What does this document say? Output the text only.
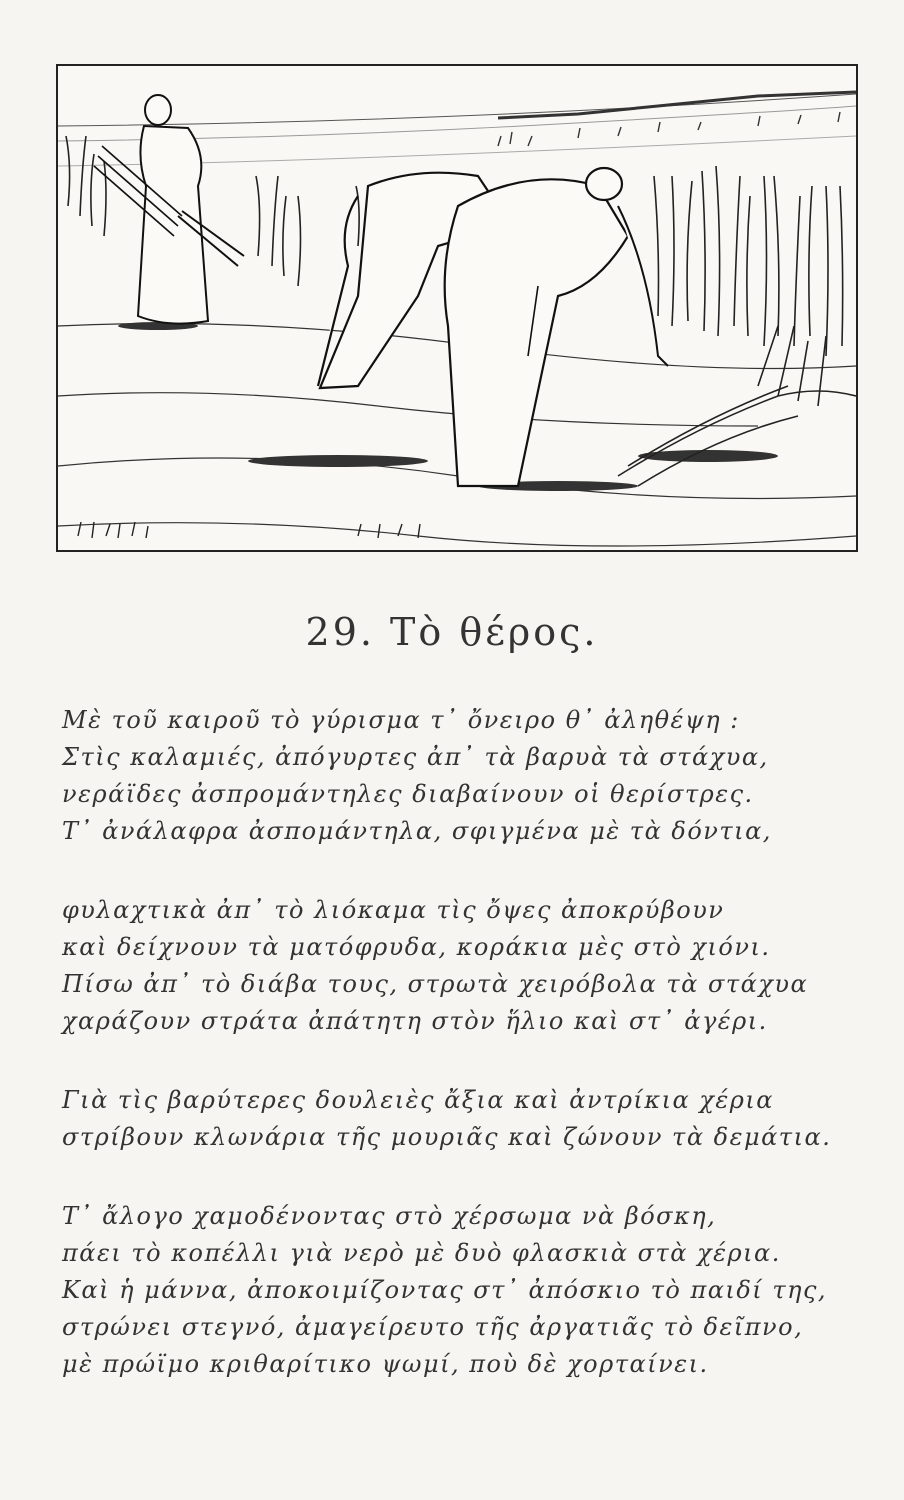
29. Τὸ θέρος.
Μὲ τοῦ καιροῦ τὸ γύρισμα τ᾽ ὄνειρο θ᾽ ἀληθέψη :
Στὶς καλαμιές, ἀπόγυρτες ἀπ᾽ τὰ βαρυὰ τὰ στάχυα,
νεράϊδες ἀσπρομάντηλες διαβαίνουν οἱ θερίστρες.
Τ᾽ ἀνάλαφρα ἀσπομάντηλα, σφιγμένα μὲ τὰ δόντια,
φυλαχτικὰ ἀπ᾽ τὸ λιόκαμα τὶς ὄψες ἀποκρύβουν
καὶ δείχνουν τὰ ματόφρυδα, κοράκια μὲς στὸ χιόνι.
Πίσω ἀπ᾽ τὸ διάβα τους, στρωτὰ χειρόβολα τὰ στάχυα
χαράζουν στράτα ἀπάτητη στὸν ἥλιο καὶ στ᾽ ἀγέρι.
Γιὰ τὶς βαρύτερες δουλειὲς ἄξια καὶ ἀντρίκια χέρια
στρίβουν κλωνάρια τῆς μουριᾶς καὶ ζώνουν τὰ δεμάτια.
Τ᾽ ἄλογο χαμοδένοντας στὸ χέρσωμα νὰ βόσκη,
πάει τὸ κοπέλλι γιὰ νερὸ μὲ δυὸ φλασκιὰ στὰ χέρια.
Καὶ ἡ μάννα, ἀποκοιμίζοντας στ᾽ ἀπόσκιο τὸ παιδί της,
στρώνει στεγνό, ἀμαγείρευτο τῆς ἀργατιᾶς τὸ δεῖπνο,
μὲ πρώϊμο κριθαρίτικο ψωμί, ποὺ δὲ χορταίνει.
